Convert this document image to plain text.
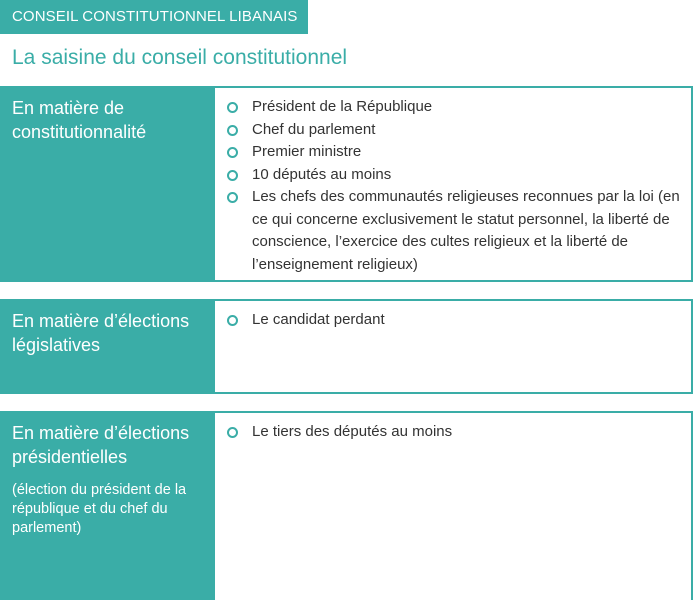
CONSEIL CONSTITUTIONNEL LIBANAIS
La saisine du conseil constitutionnel
En matière de constitutionnalité
Président de la République
Chef du parlement
Premier ministre
10 députés au moins
Les chefs des communautés religieuses reconnues par la loi (en ce qui concerne exclusivement le statut personnel, la liberté de conscience, l’exercice des cultes religieux et la liberté de l’enseignement religieux)
En matière d’élections législatives
Le candidat perdant
En matière d’élections présidentielles
(élection du président de la république et du chef du parlement)
Le tiers des députés au moins
